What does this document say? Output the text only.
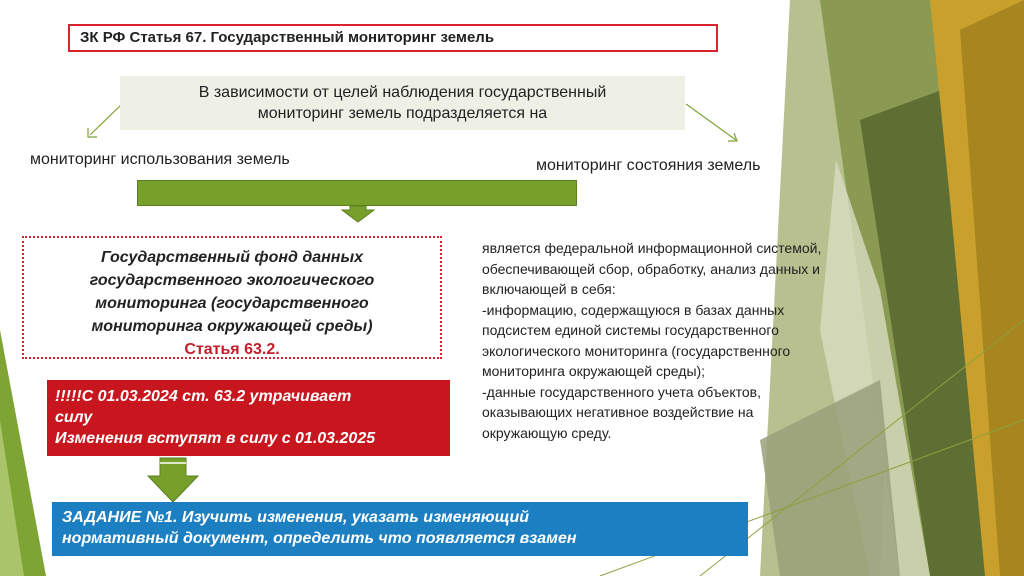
ЗК РФ Статья 67. Государственный мониторинг земель
В зависимости от целей наблюдения государственный
мониторинг земель подразделяется на
мониторинг использования земель	мониторинг состояния земель
Государственный фонд данных
государственного экологического
мониторинга (государственного
мониторинга окружающей среды)
Статья 63.2.
!!!!!С 01.03.2024 ст. 63.2 утрачивает
силу
Изменения вступят в силу с 01.03.2025

является федеральной информационной системой, обеспечивающей сбор, обработку, анализ данных и включающей в себя:

-информацию, содержащуюся в базах данных подсистем единой системы государственного экологического мониторинга (государственного мониторинга окружающей среды);

-данные государственного учета объектов, оказывающих негативное воздействие на окружающую среду.

ЗАДАНИЕ №1. Изучить изменения, указать изменяющий
нормативный документ, определить что появляется взамен
